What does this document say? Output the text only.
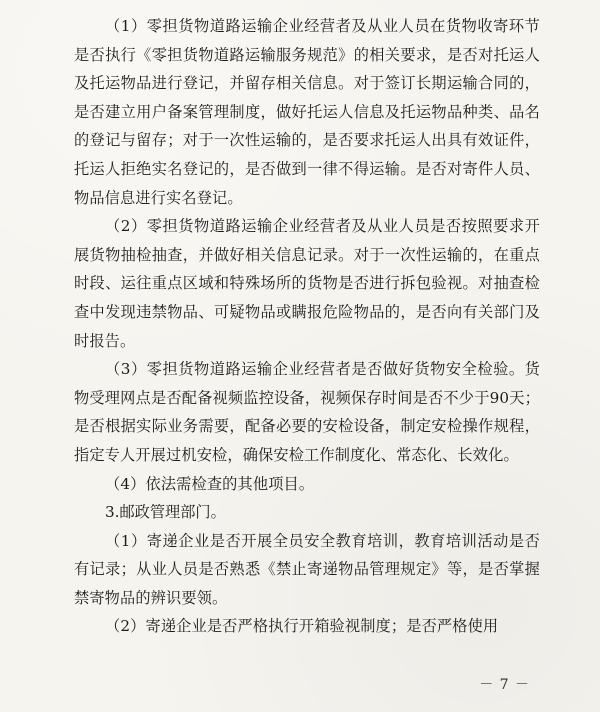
（1）零担货物道路运输企业经营者及从业人员在货物收寄环节是否执行《零担货物道路运输服务规范》的相关要求，是否对托运人及托运物品进行登记，并留存相关信息。对于签订长期运输合同的，是否建立用户备案管理制度，做好托运人信息及托运物品种类、品名的登记与留存；对于一次性运输的，是否要求托运人出具有效证件，托运人拒绝实名登记的，是否做到一律不得运输。是否对寄件人员、物品信息进行实名登记。

（2）零担货物道路运输企业经营者及从业人员是否按照要求开展货物抽检抽查，并做好相关信息记录。对于一次性运输的，在重点时段、运往重点区域和特殊场所的货物是否进行拆包验视。对抽查检查中发现违禁物品、可疑物品或瞒报危险物品的，是否向有关部门及时报告。

（3）零担货物道路运输企业经营者是否做好货物安全检验。货物受理网点是否配备视频监控设备，视频保存时间是否不少于90天；是否根据实际业务需要，配备必要的安检设备，制定安检操作规程，指定专人开展过机安检，确保安检工作制度化、常态化、长效化。

（4）依法需检查的其他项目。

3.邮政管理部门。

（1）寄递企业是否开展全员安全教育培训，教育培训活动是否有记录；从业人员是否熟悉《禁止寄递物品管理规定》等，是否掌握禁寄物品的辨识要领。

（2）寄递企业是否严格执行开箱验视制度；是否严格使用

－ 7 －
